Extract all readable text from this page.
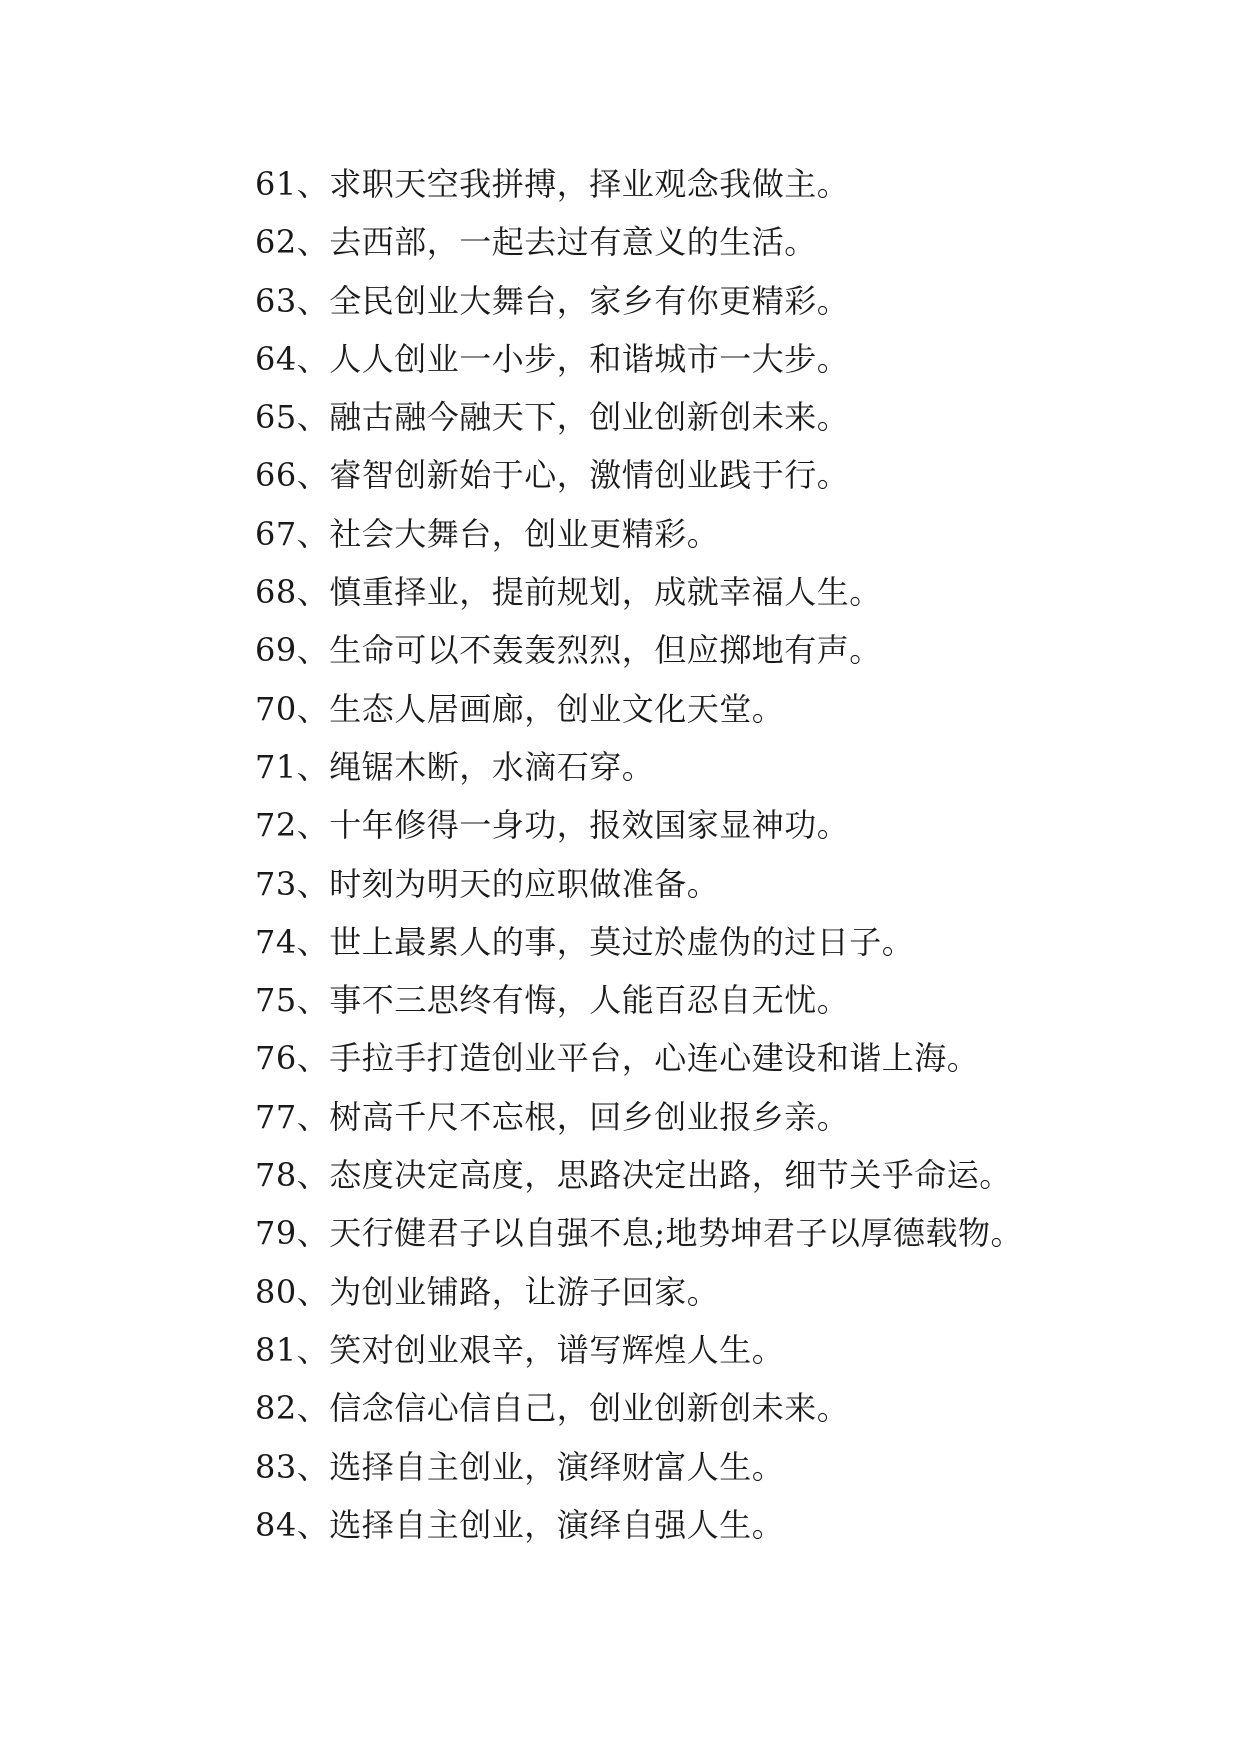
61、求职天空我拼搏，择业观念我做主。
62、去西部，一起去过有意义的生活。
63、全民创业大舞台，家乡有你更精彩。
64、人人创业一小步，和谐城市一大步。
65、融古融今融天下，创业创新创未来。
66、睿智创新始于心，激情创业践于行。
67、社会大舞台，创业更精彩。
68、慎重择业，提前规划，成就幸福人生。
69、生命可以不轰轰烈烈，但应掷地有声。
70、生态人居画廊，创业文化天堂。
71、绳锯木断，水滴石穿。
72、十年修得一身功，报效国家显神功。
73、时刻为明天的应职做准备。
74、世上最累人的事，莫过於虚伪的过日子。
75、事不三思终有悔，人能百忍自无忧。
76、手拉手打造创业平台，心连心建设和谐上海。
77、树高千尺不忘根，回乡创业报乡亲。
78、态度决定高度，思路决定出路，细节关乎命运。
79、天行健君子以自强不息;地势坤君子以厚德载物。
80、为创业铺路，让游子回家。
81、笑对创业艰辛，谱写辉煌人生。
82、信念信心信自己，创业创新创未来。
83、选择自主创业，演绎财富人生。
84、选择自主创业，演绎自强人生。
